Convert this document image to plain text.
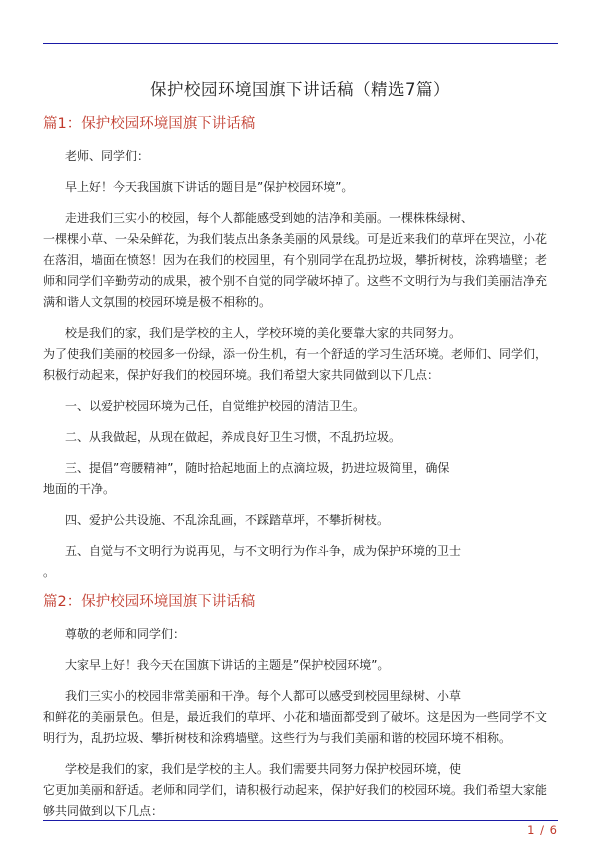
保护校园环境国旗下讲话稿（精选7篇）
篇1：保护校园环境国旗下讲话稿
老师、同学们：
早上好！今天我国旗下讲话的题目是”保护校园环境”。
走进我们三实小的校园，每个人都能感受到她的洁净和美丽。一棵株株绿树、
一棵棵小草、一朵朵鲜花，为我们装点出条条美丽的风景线。可是近来我们的草坪在哭泣，小花
在落泪，墙面在愤怒！因为在我们的校园里，有个别同学在乱扔垃圾，攀折树枝，涂鸦墙壁；老
师和同学们辛勤劳动的成果，被个别不自觉的同学破坏掉了。这些不文明行为与我们美丽洁净充
满和谐人文氛围的校园环境是极不相称的。
校是我们的家，我们是学校的主人，学校环境的美化要靠大家的共同努力。
为了使我们美丽的校园多一份绿，添一份生机，有一个舒适的学习生活环境。老师们、同学们，
积极行动起来，保护好我们的校园环境。我们希望大家共同做到以下几点：
一、以爱护校园环境为己任，自觉维护校园的清洁卫生。
二、从我做起，从现在做起，养成良好卫生习惯，不乱扔垃圾。
三、提倡”弯腰精神”，随时拾起地面上的点滴垃圾，扔进垃圾简里，确保
地面的干净。
四、爱护公共设施、不乱涂乱画，不踩踏草坪，不攀折树枝。
五、自觉与不文明行为说再见，与不文明行为作斗争，成为保护环境的卫士
。
篇2：保护校园环境国旗下讲话稿
尊敬的老师和同学们：
大家早上好！我今天在国旗下讲话的主题是”保护校园环境”。
我们三实小的校园非常美丽和干净。每个人都可以感受到校园里绿树、小草
和鲜花的美丽景色。但是，最近我们的草坪、小花和墙面都受到了破坏。这是因为一些同学不文
明行为，乱扔垃圾、攀折树枝和涂鸦墙壁。这些行为与我们美丽和谐的校园环境不相称。
学校是我们的家，我们是学校的主人。我们需要共同努力保护校园环境，使
它更加美丽和舒适。老师和同学们，请积极行动起来，保护好我们的校园环境。我们希望大家能
够共同做到以下几点：
1 / 6
